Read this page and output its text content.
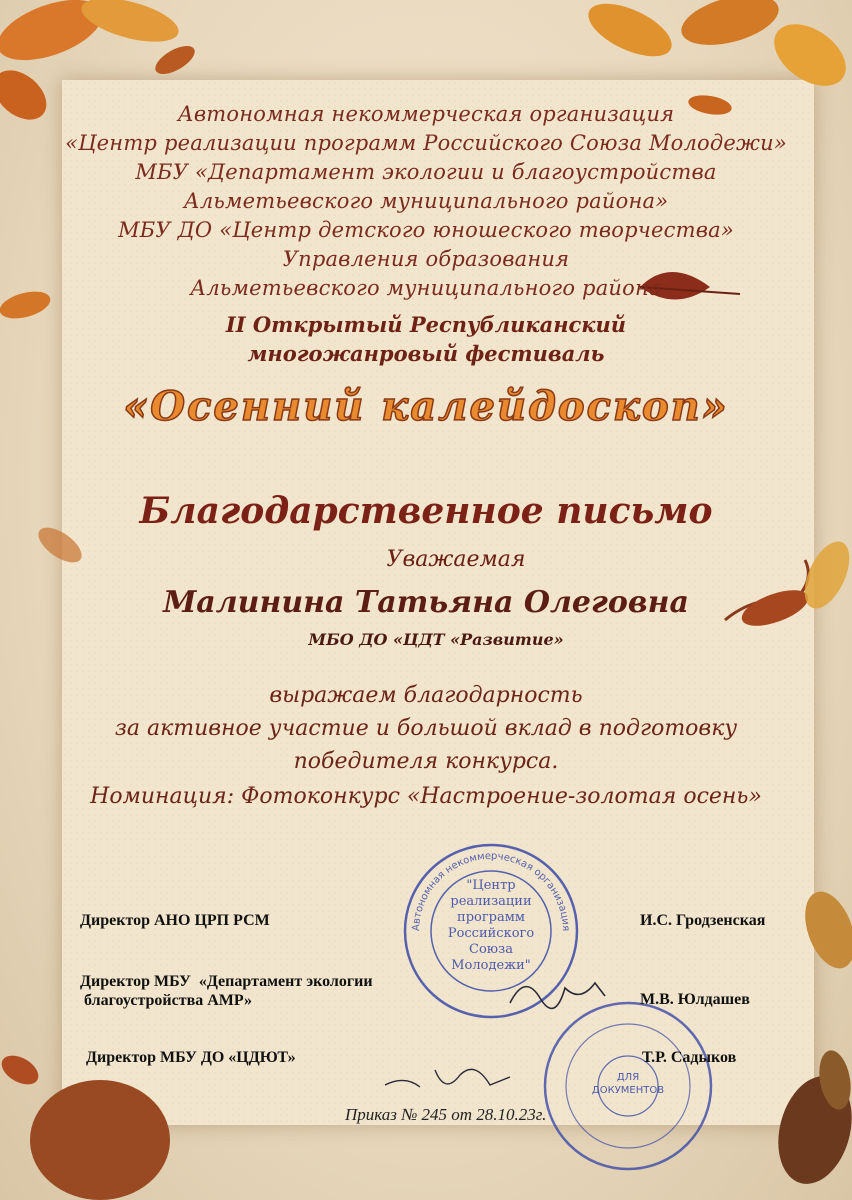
Автономная некоммерческая организация
«Центр реализации программ Российского Союза Молодежи»
МБУ «Департамент экологии и благоустройства
Альметьевского муниципального района»
МБУ ДО «Центр детского юношеского творчества»
Управления образования
Альметьевского муниципального района
II Открытый Республиканский
многожанровый фестиваль
«Осенний калейдоскоп»
Благодарственное письмо
Уважаемая
Малинина Татьяна Олеговна
МБО ДО «ЦДТ «Развитие»
выражаем благодарность
за активное участие и большой вклад в подготовку
победителя конкурса.
Номинация: Фотоконкурс «Настроение-золотая осень»
Автономная некоммерческая организация
"Центр
реализации
программ
Российского
Союза
Молодежи"
ДЛЯ
ДОКУМЕНТОВ
Директор АНО ЦРП РСМ	И.С. Гродзенская
Директор МБУ  «Департамент экологии
благоустройства АМР»	М.В. Юлдашев
Директор МБУ ДО «ЦДЮТ»	Т.Р. Садыков
Приказ № 245 от 28.10.23г.
